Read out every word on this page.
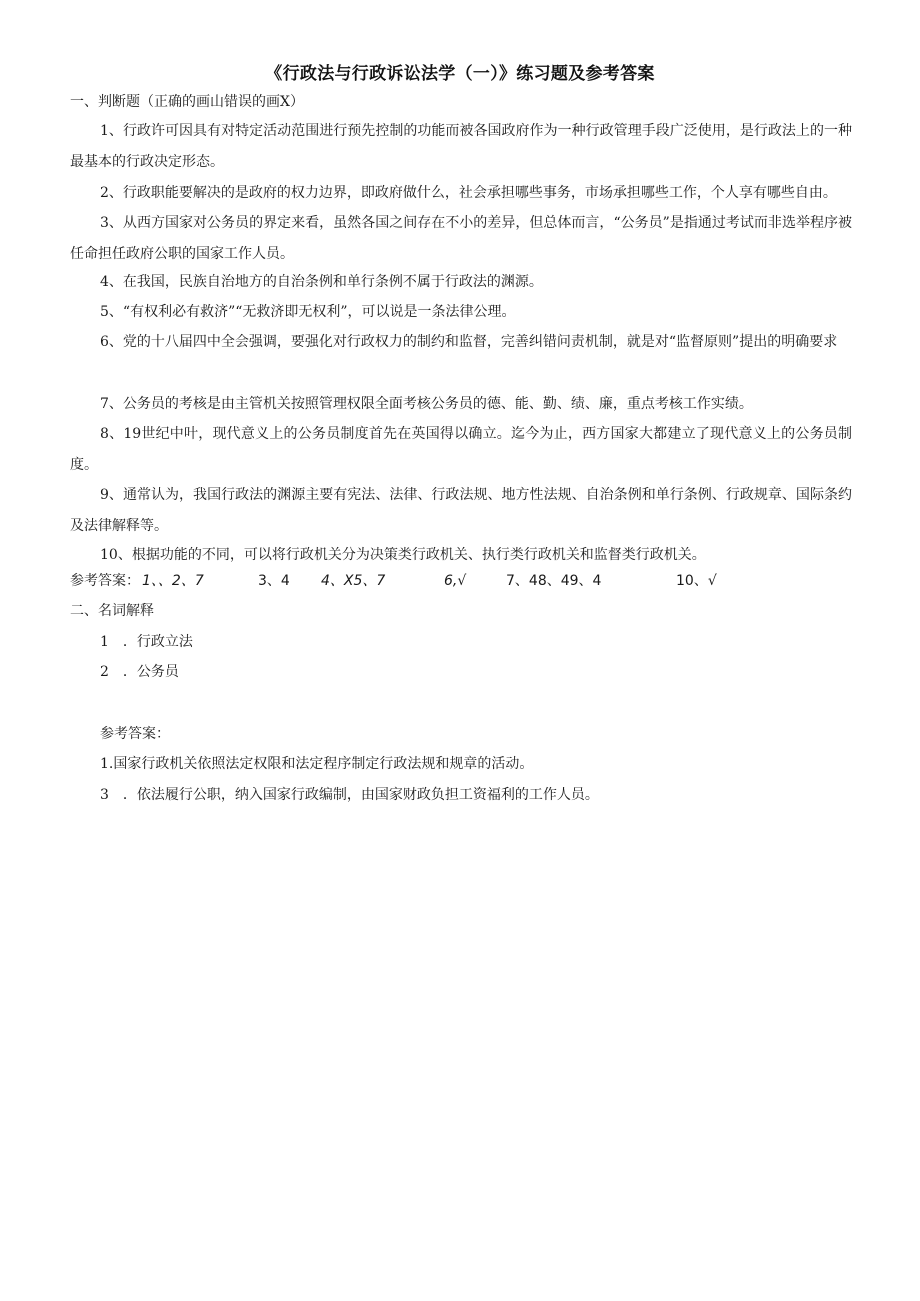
《行政法与行政诉讼法学（一）》练习题及参考答案
一、判断题（正确的画山错误的画X）
1、行政许可因具有对特定活动范围进行预先控制的功能而被各国政府作为一种行政管理手段广泛使用，是行政法上的一种最基本的行政决定形态。
2、行政职能要解决的是政府的权力边界，即政府做什么，社会承担哪些事务，市场承担哪些工作，个人享有哪些自由。
3、从西方国家对公务员的界定来看，虽然各国之间存在不小的差异，但总体而言，“公务员”是指通过考试而非选举程序被任命担任政府公职的国家工作人员。
4、在我国，民族自治地方的自治条例和单行条例不属于行政法的渊源。
5、“有权利必有救济”“无救济即无权利”，可以说是一条法律公理。
6、党的十八届四中全会强调，要强化对行政权力的制约和监督，完善纠错问责机制，就是对“监督原则”提出的明确要求
7、公务员的考核是由主管机关按照管理权限全面考核公务员的德、能、勤、绩、廉，重点考核工作实绩。
8、19世纪中叶，现代意义上的公务员制度首先在英国得以确立。迄今为止，西方国家大都建立了现代意义上的公务员制度。
9、通常认为，我国行政法的渊源主要有宪法、法律、行政法规、地方性法规、自治条例和单行条例、行政规章、国际条约及法律解释等。
10、根据功能的不同，可以将行政机关分为决策类行政机关、执行类行政机关和监督类行政机关。
参考答案： 1、、2、7	3、4 4、X5、7	6,√	7、48、49、4	10、√
二、名词解释
1　．行政立法
2　．公务员
参考答案：
1.国家行政机关依照法定权限和法定程序制定行政法规和规章的活动。
3　．依法履行公职，纳入国家行政编制，由国家财政负担工资福利的工作人员。
